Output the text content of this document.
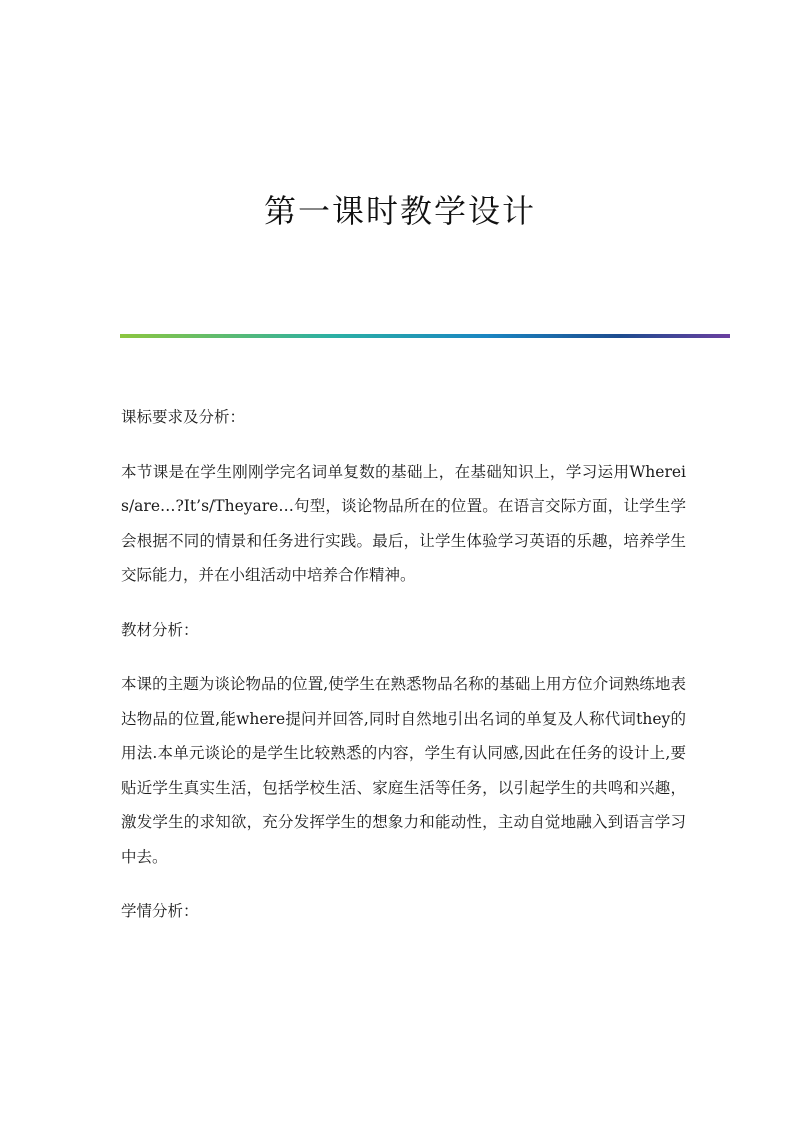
第一课时教学设计
课标要求及分析：
本节课是在学生刚刚学完名词单复数的基础上，在基础知识上，学习运用Whereis/are…?It’s/Theyare…句型，谈论物品所在的位置。在语言交际方面，让学生学会根据不同的情景和任务进行实践。最后，让学生体验学习英语的乐趣，培养学生交际能力，并在小组活动中培养合作精神。
教材分析：
本课的主题为谈论物品的位置,使学生在熟悉物品名称的基础上用方位介词熟练地表达物品的位置,能where提问并回答,同时自然地引出名词的单复及人称代词they的用法.本单元谈论的是学生比较熟悉的内容，学生有认同感,因此在任务的设计上,要贴近学生真实生活，包括学校生活、家庭生活等任务，以引起学生的共鸣和兴趣，激发学生的求知欲，充分发挥学生的想象力和能动性，主动自觉地融入到语言学习中去。
学情分析：
